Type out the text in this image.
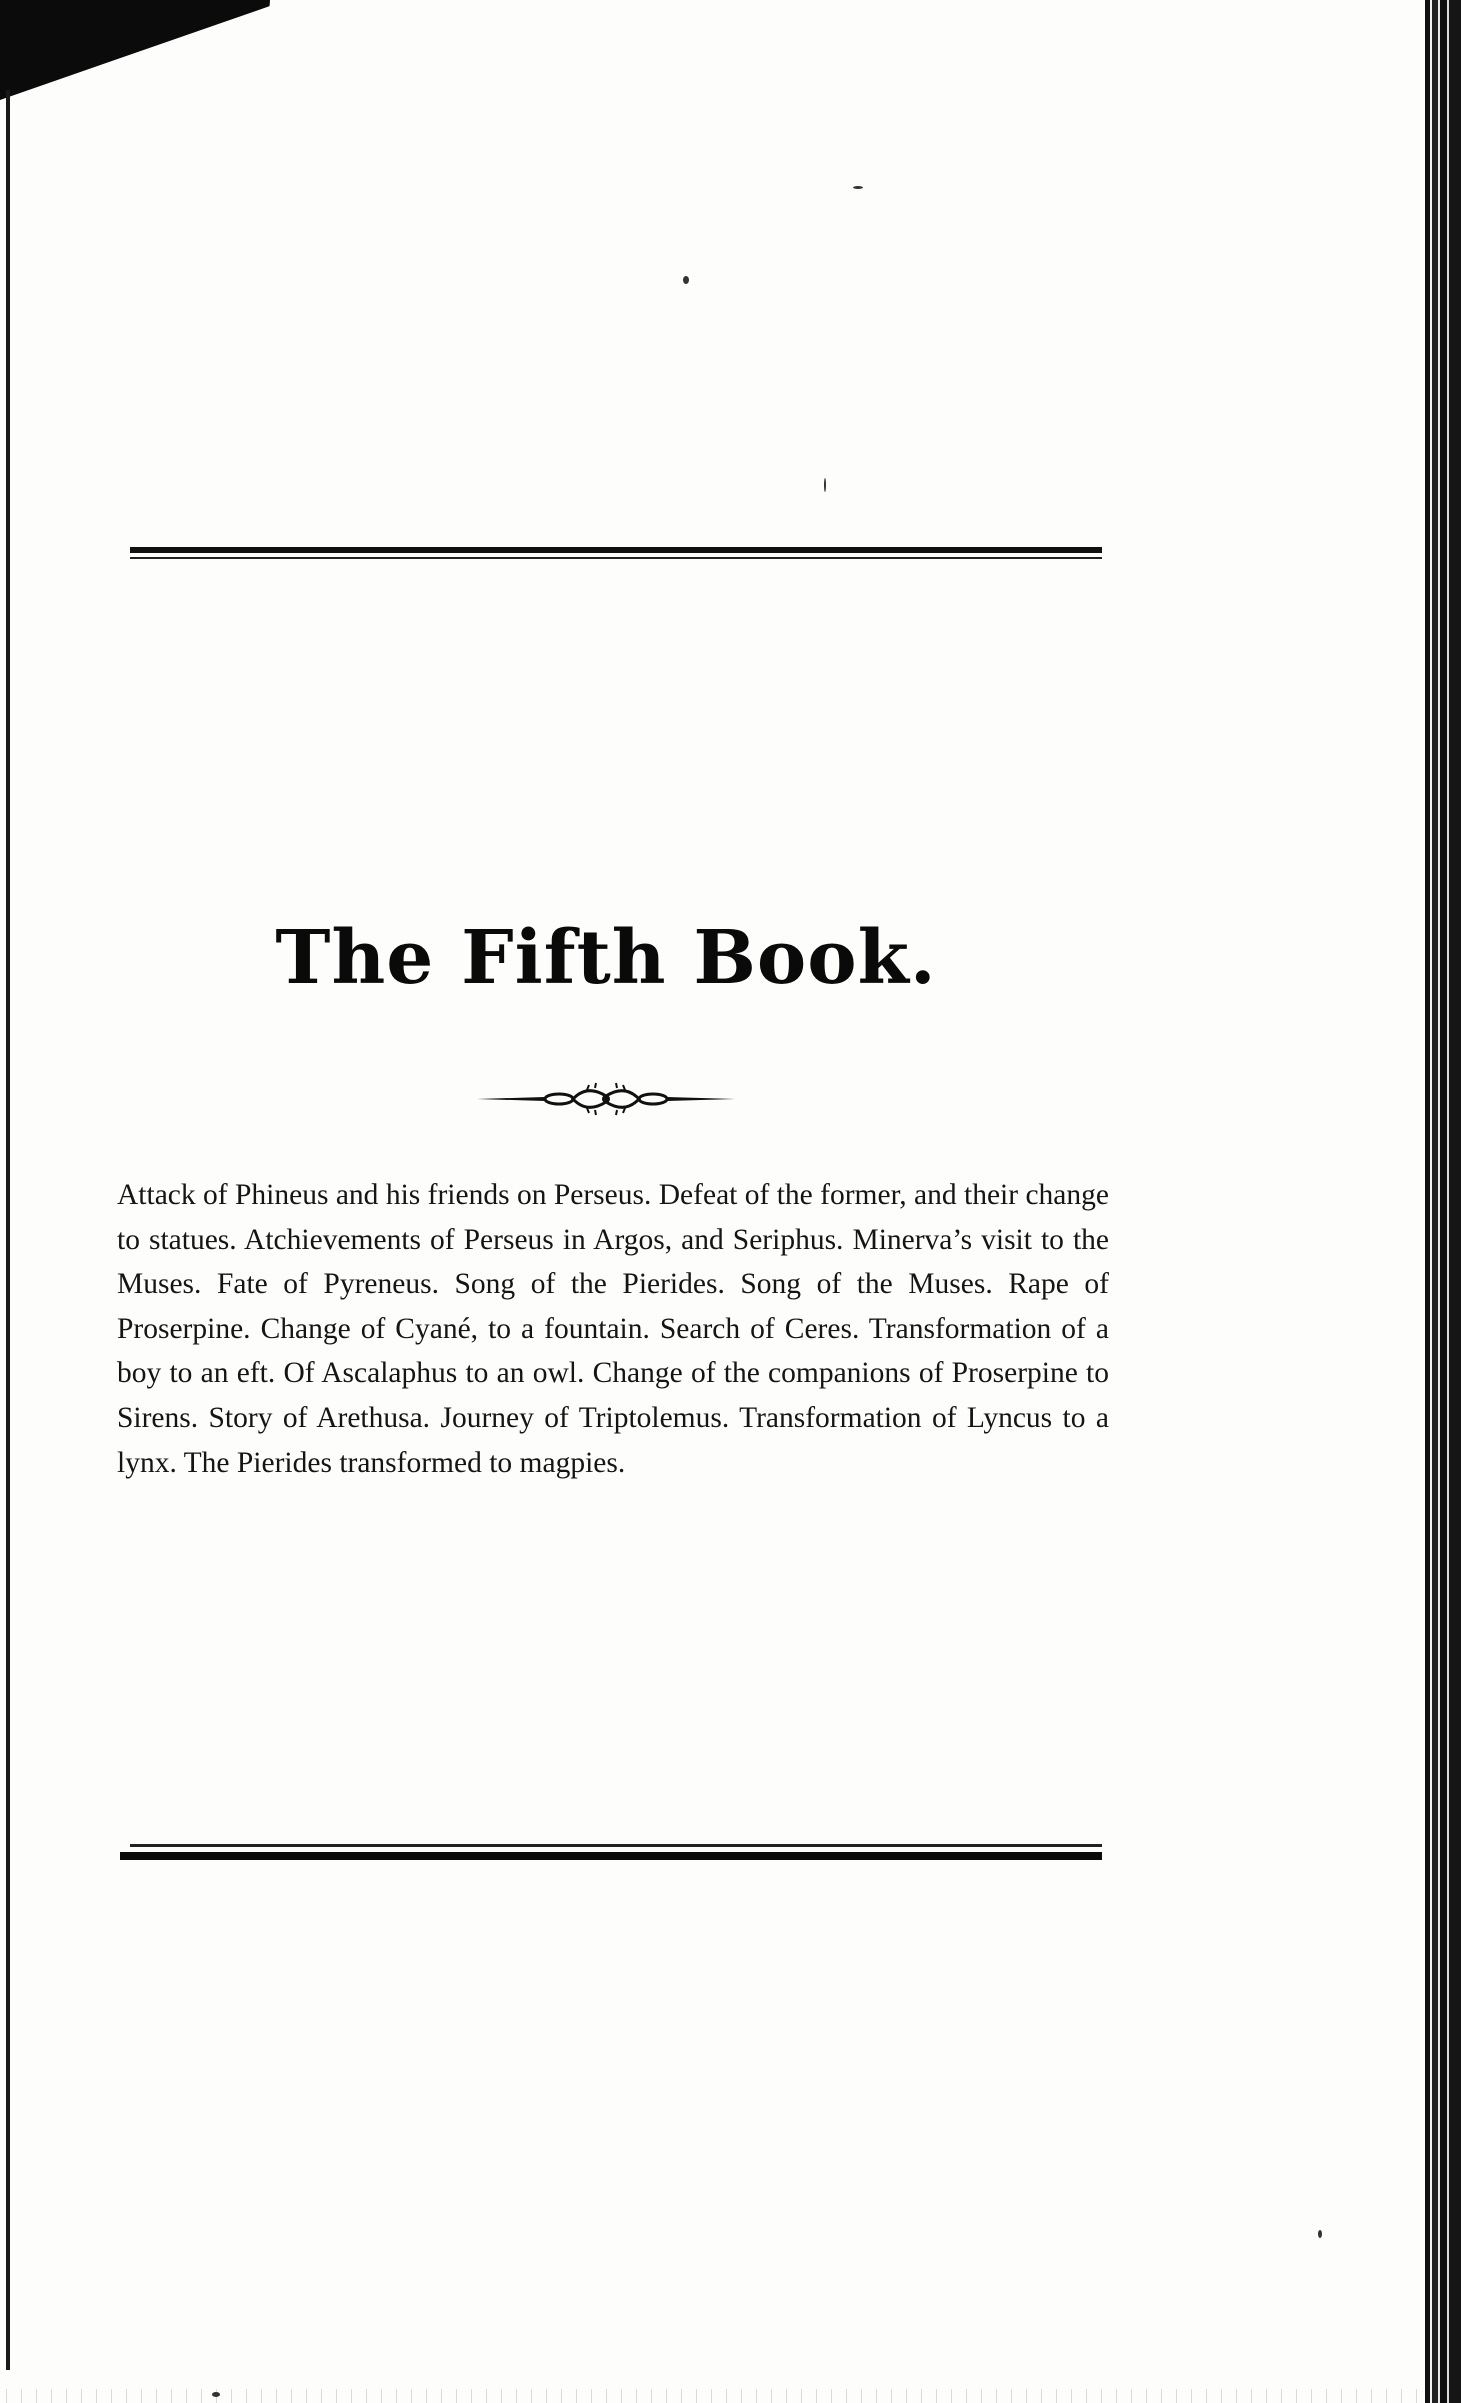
The Fifth Book.
Attack of Phineus and his friends on Perseus. Defeat of the former, and their change to statues. Atchievements of Perseus in Argos, and Seriphus. Minerva’s visit to the Muses. Fate of Pyreneus. Song of the Pierides. Song of the Muses. Rape of Proserpine. Change of Cyané, to a fountain. Search of Ceres. Transformation of a boy to an eft. Of Ascalaphus to an owl. Change of the companions of Proserpine to Sirens. Story of Arethusa. Journey of Triptolemus. Transformation of Lyncus to a lynx. The Pierides transformed to magpies.
